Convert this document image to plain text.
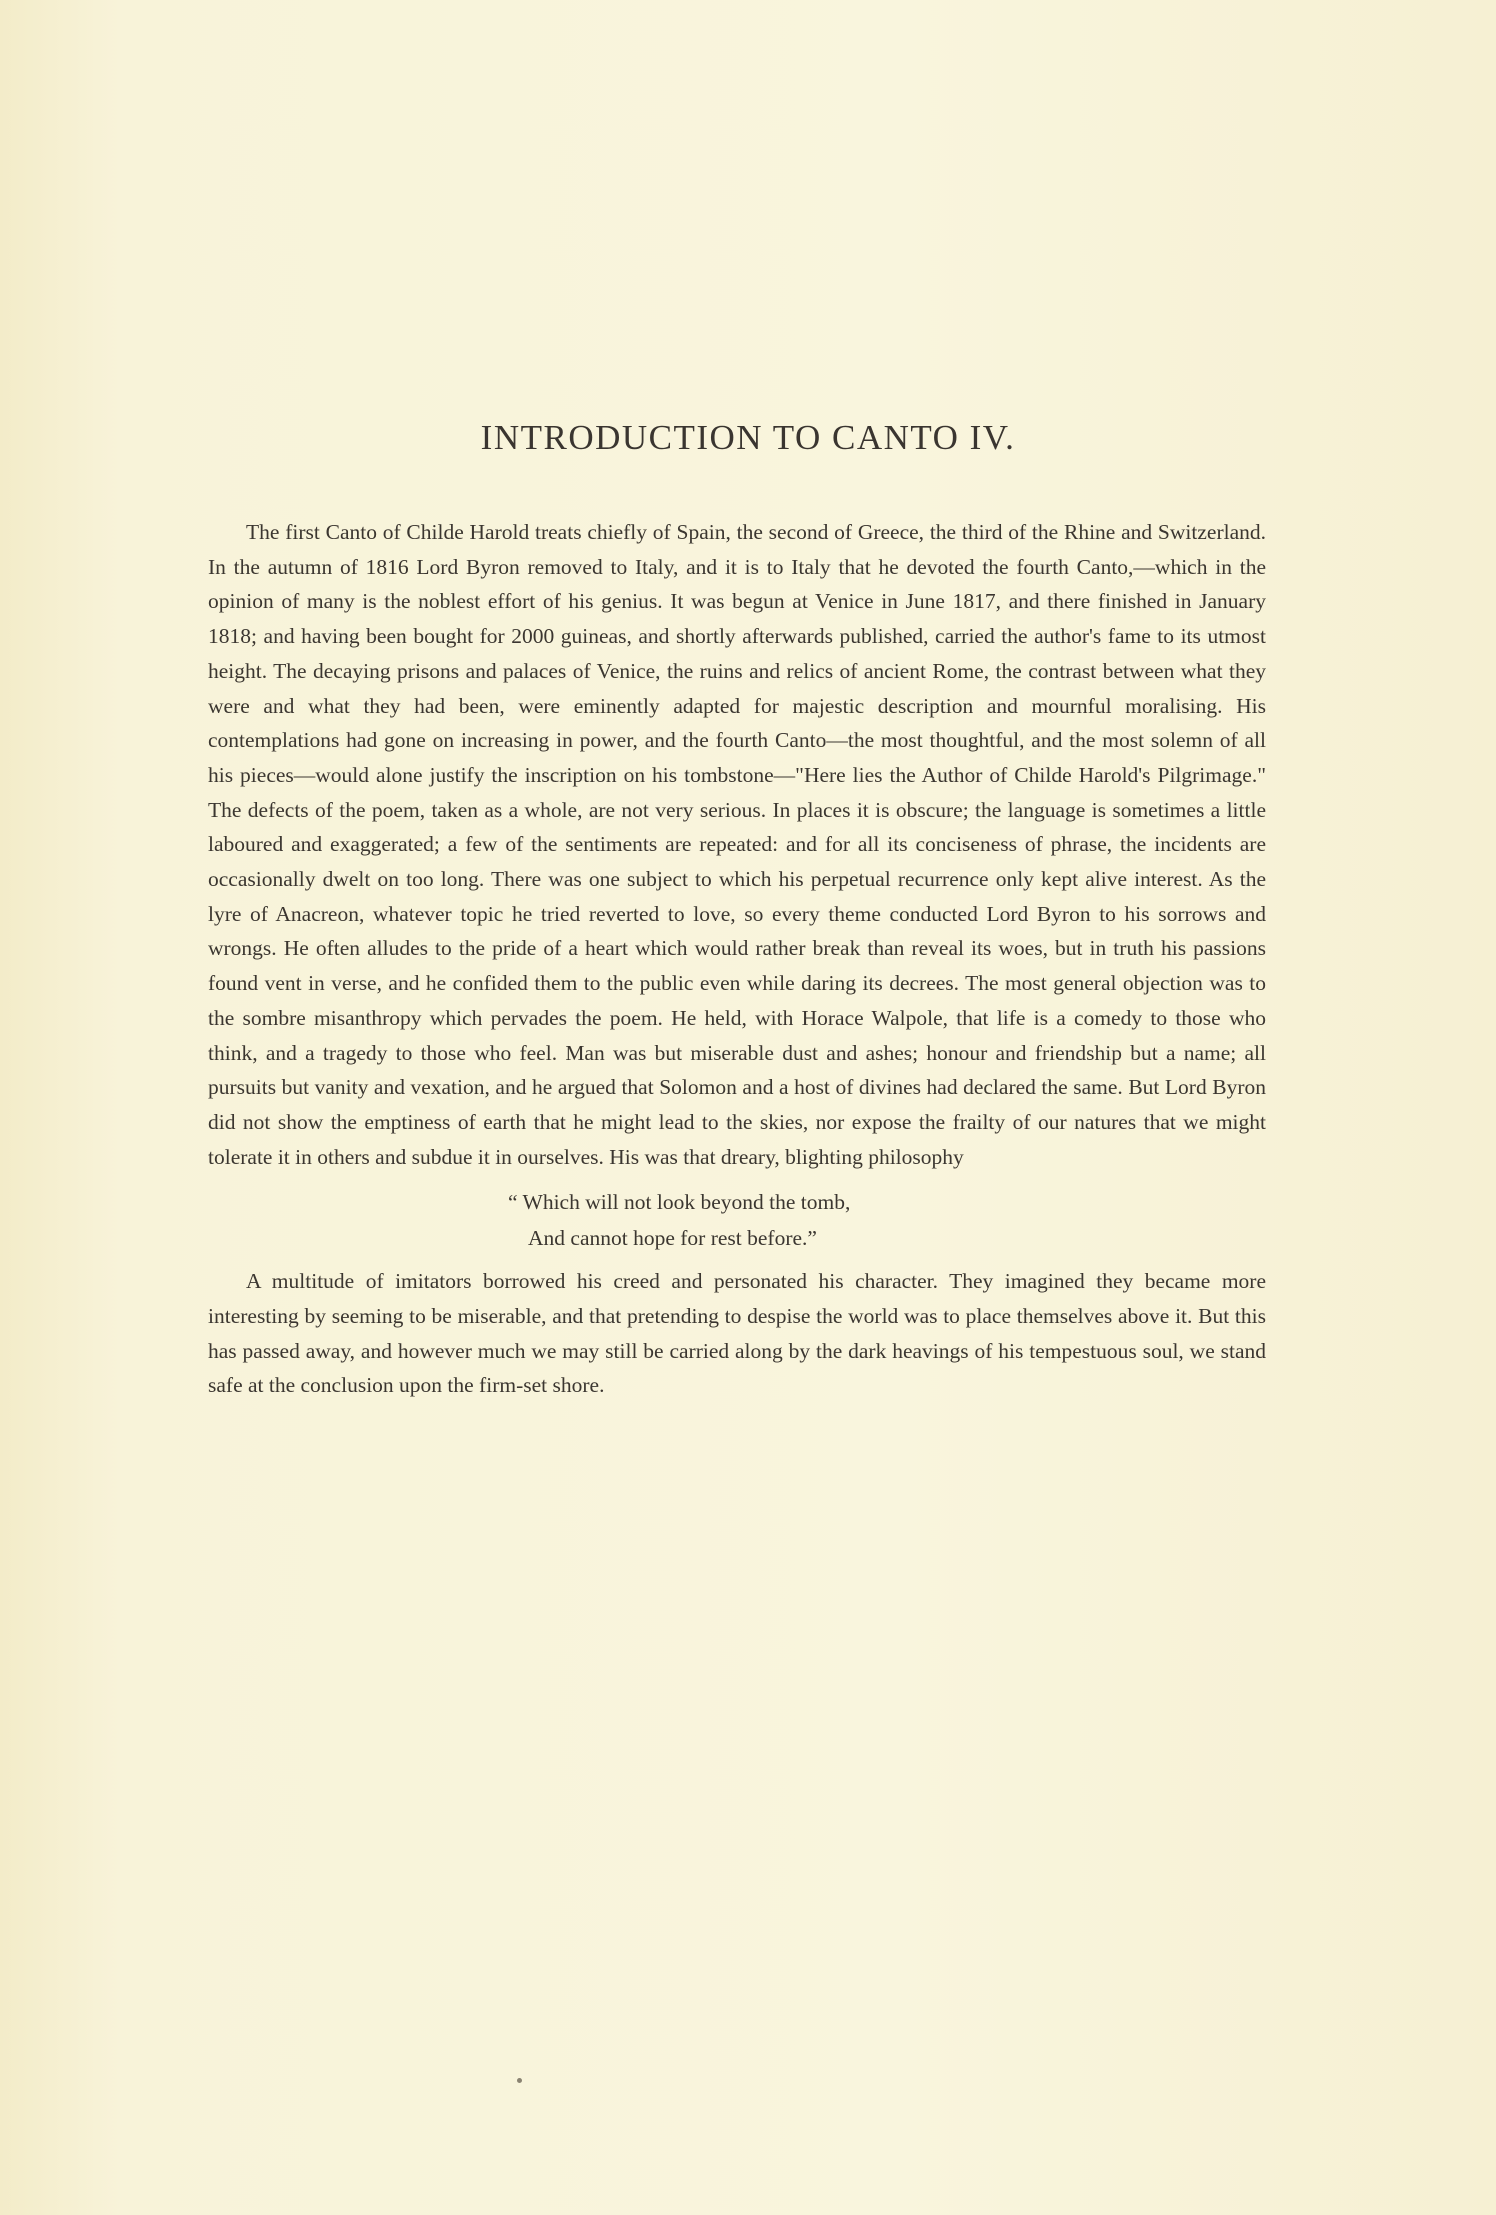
INTRODUCTION TO CANTO IV.

The first Canto of Childe Harold treats chiefly of Spain, the second of Greece, the third of the Rhine and Switzerland. In the autumn of 1816 Lord Byron removed to Italy, and it is to Italy that he devoted the fourth Canto,—which in the opinion of many is the noblest effort of his genius. It was begun at Venice in June 1817, and there finished in January 1818; and having been bought for 2000 guineas, and shortly afterwards published, carried the author's fame to its utmost height. The decaying prisons and palaces of Venice, the ruins and relics of ancient Rome, the contrast between what they were and what they had been, were eminently adapted for majestic description and mournful moralising. His contemplations had gone on increasing in power, and the fourth Canto—the most thoughtful, and the most solemn of all his pieces—would alone justify the inscription on his tombstone—"Here lies the Author of Childe Harold's Pilgrimage." The defects of the poem, taken as a whole, are not very serious. In places it is obscure; the language is sometimes a little laboured and exaggerated; a few of the sentiments are repeated: and for all its conciseness of phrase, the incidents are occasionally dwelt on too long. There was one subject to which his perpetual recurrence only kept alive interest. As the lyre of Anacreon, whatever topic he tried reverted to love, so every theme conducted Lord Byron to his sorrows and wrongs. He often alludes to the pride of a heart which would rather break than reveal its woes, but in truth his passions found vent in verse, and he confided them to the public even while daring its decrees. The most general objection was to the sombre misanthropy which pervades the poem. He held, with Horace Walpole, that life is a comedy to those who think, and a tragedy to those who feel. Man was but miserable dust and ashes; honour and friendship but a name; all pursuits but vanity and vexation, and he argued that Solomon and a host of divines had declared the same. But Lord Byron did not show the emptiness of earth that he might lead to the skies, nor expose the frailty of our natures that we might tolerate it in others and subdue it in ourselves. His was that dreary, blighting philosophy

“ Which will not look beyond the tomb,
And cannot hope for rest before.”

A multitude of imitators borrowed his creed and personated his character. They imagined they became more interesting by seeming to be miserable, and that pretending to despise the world was to place themselves above it. But this has passed away, and however much we may still be carried along by the dark heavings of his tempestuous soul, we stand safe at the conclusion upon the firm-set shore.
